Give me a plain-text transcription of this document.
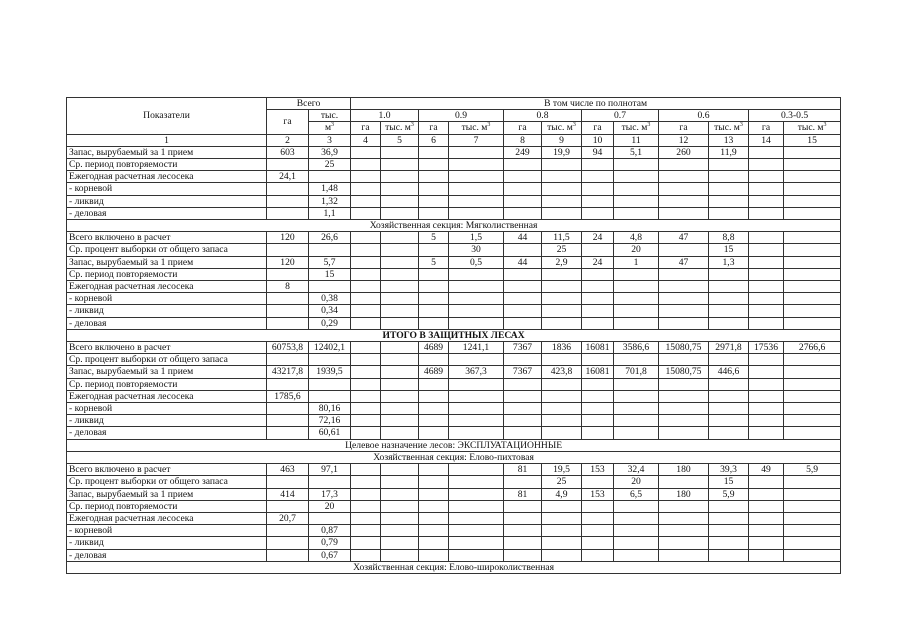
Показатели	Всего		В том числе по полнотам											
	га	тыс.	1.0		0.9		0.8		0.7		0.6		0.3-0.5	
		$м^3$	га	тыс. $м^3$	га	тыс. $м^3$	га	тыс. $м^3$	га	тыс. $м^3$	га	тыс. $м^3$	га	тыс. $м^3$
1	2	3	4	5	6	7	8	9	10	11	12	13	14	15
Запас, вырубаемый за 1 прием	603	36,9					249	19,9	94	5,1	260	11,9		
Ср. период повторяемости		25												
Ежегодная расчетная лесосека	24,1													
- корневой		1,48												
- ликвид		1,32												
- деловая		1,1												
Хозяйственная секция: Мягколиственная														
Всего включено в расчет	120	26,6			5	1,5	44	11,5	24	4,8	47	8,8		
Ср. процент выборки от общего запаса						30		25		20		15		
Запас, вырубаемый за 1 прием	120	5,7			5	0,5	44	2,9	24	1	47	1,3		
Ср. период повторяемости		15												
Ежегодная расчетная лесосека	8													
- корневой		0,38												
- ликвид		0,34												
- деловая		0,29												
ИТОГО В ЗАЩИТНЫХ ЛЕСАХ														
Всего включено в расчет	60753,8	12402,1			4689	1241,1	7367	1836	16081	3586,6	15080,75	2971,8	17536	2766,6
Ср. процент выборки от общего запаса														
Запас, вырубаемый за 1 прием	43217,8	1939,5			4689	367,3	7367	423,8	16081	701,8	15080,75	446,6		
Ср. период повторяемости														
Ежегодная расчетная лесосека	1785,6													
- корневой		80,16												
- ликвид		72,16												
- деловая		60,61												
Целевое назначение лесов: ЭКСПЛУАТАЦИОННЫЕ														
Хозяйственная секция: Елово-пихтовая														
Всего включено в расчет	463	97,1					81	19,5	153	32,4	180	39,3	49	5,9
Ср. процент выборки от общего запаса								25		20		15		
Запас, вырубаемый за 1 прием	414	17,3					81	4,9	153	6,5	180	5,9		
Ср. период повторяемости		20												
Ежегодная расчетная лесосека	20,7													
- корневой		0,87												
- ликвид		0,79												
- деловая		0,67												
Хозяйственная секция: Елово-широколиственная														
